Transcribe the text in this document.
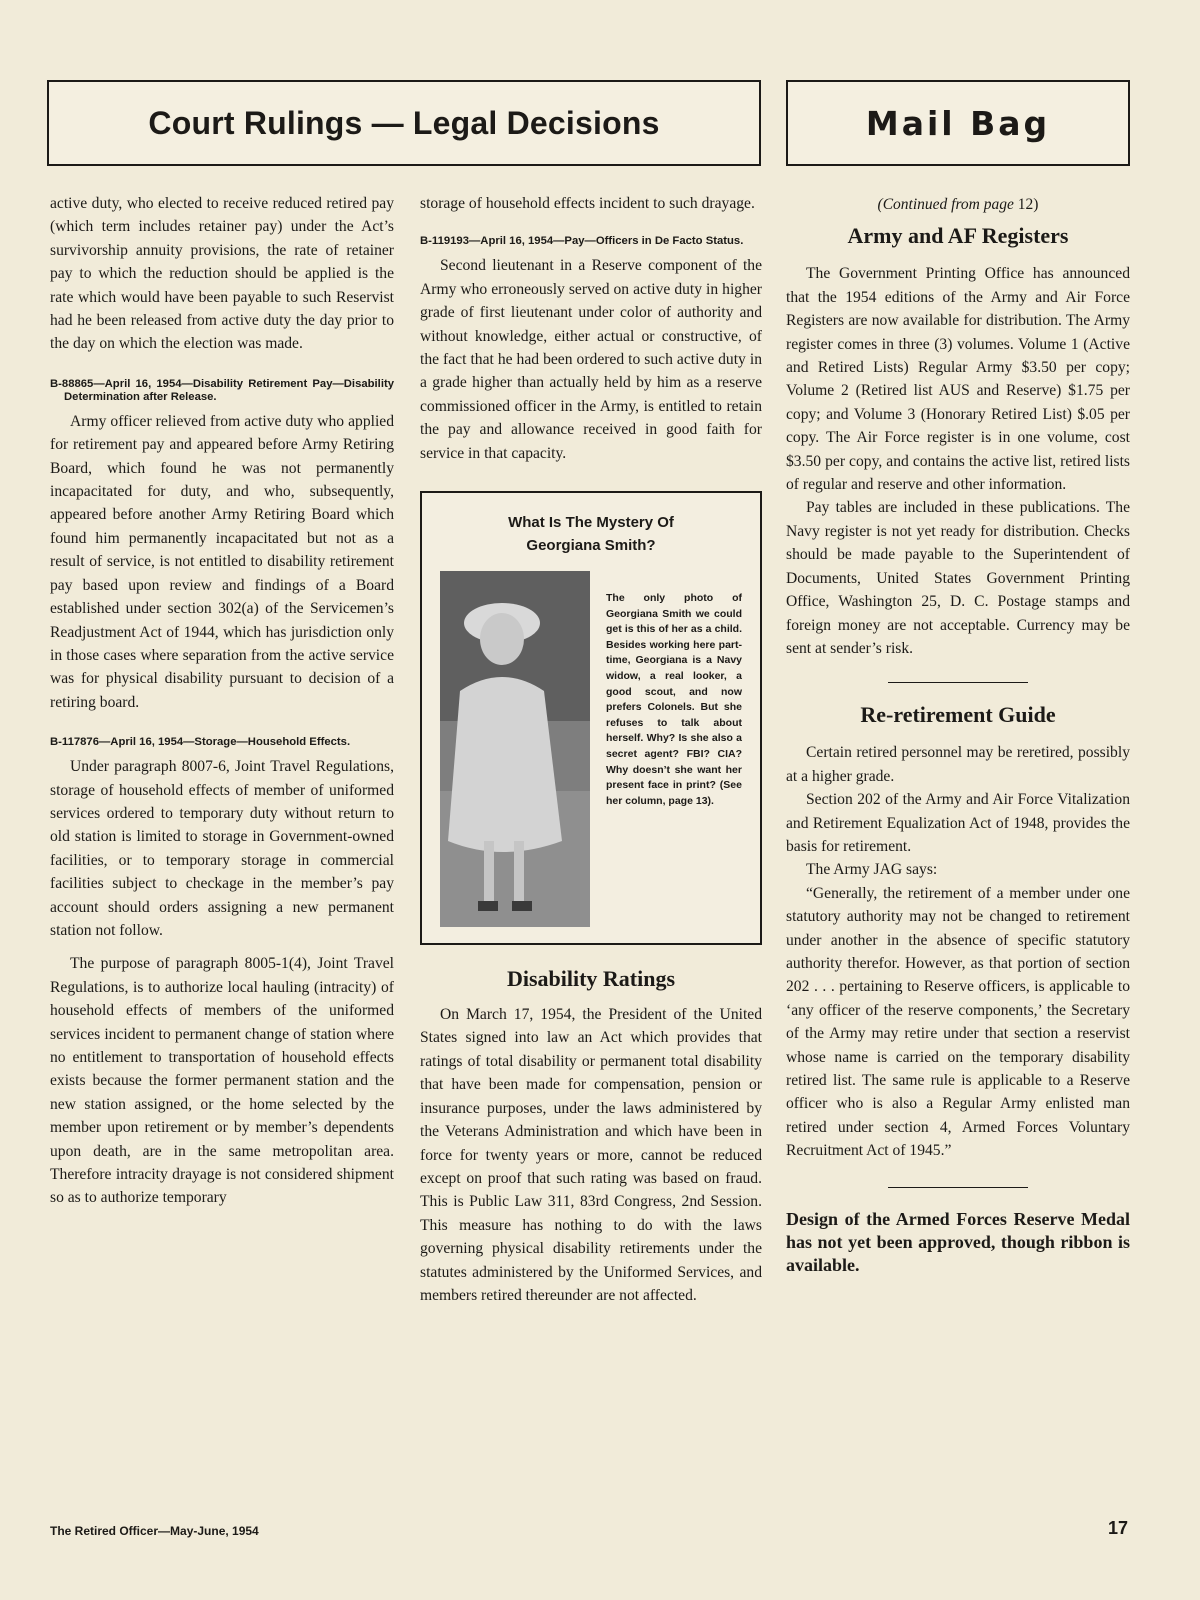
Court Rulings — Legal Decisions	Mail Bag

active duty, who elected to receive reduced retired pay (which term includes retainer pay) under the Act’s survivorship annuity provisions, the rate of retainer pay to which the reduction should be applied is the rate which would have been payable to such Reservist had he been released from active duty the day prior to the day on which the election was made.

B-88865—April 16, 1954—Disability Retirement Pay—Disability Determination after Release.

Army officer relieved from active duty who applied for retirement pay and appeared before Army Retiring Board, which found he was not permanently incapacitated for duty, and who, subsequently, appeared before another Army Retiring Board which found him permanently incapacitated but not as a result of service, is not entitled to disability retirement pay based upon review and findings of a Board established under section 302(a) of the Servicemen’s Readjustment Act of 1944, which has jurisdiction only in those cases where separation from the active service was for physical disability pursuant to decision of a retiring board.

B-117876—April 16, 1954—Storage—Household Effects.

Under paragraph 8007-6, Joint Travel Regulations, storage of household effects of member of uniformed services ordered to temporary duty without return to old station is limited to storage in Government-owned facilities, or to temporary storage in commercial facilities subject to checkage in the member’s pay account should orders assigning a new permanent station not follow.

The purpose of paragraph 8005-1(4), Joint Travel Regulations, is to authorize local hauling (intracity) of household effects of members of the uniformed services incident to permanent change of station where no entitlement to transportation of household effects exists because the former permanent station and the new station assigned, or the home selected by the member upon retirement or by member’s dependents upon death, are in the same metropolitan area. Therefore intracity drayage is not considered shipment so as to authorize temporary

storage of household effects incident to such drayage.

B-119193—April 16, 1954—Pay—Officers in De Facto Status.

Second lieutenant in a Reserve component of the Army who erroneously served on active duty in higher grade of first lieutenant under color of authority and without knowledge, either actual or constructive, of the fact that he had been ordered to such active duty in a grade higher than actually held by him as a reserve commissioned officer in the Army, is entitled to retain the pay and allowance received in good faith for service in that capacity.

What Is The Mystery Of
Georgiana Smith?
The only photo of Georgiana Smith we could get is this of her as a child. Besides working here part-time, Georgiana is a Navy widow, a real looker, a good scout, and now prefers Colonels. But she refuses to talk about herself. Why? Is she also a secret agent? FBI? CIA? Why doesn’t she want her present face in print? (See her column, page 13).
Disability Ratings

On March 17, 1954, the President of the United States signed into law an Act which provides that ratings of total disability or permanent total disability that have been made for compensation, pension or insurance purposes, under the laws administered by the Veterans Administration and which have been in force for twenty years or more, cannot be reduced except on proof that such rating was based on fraud. This is Public Law 311, 83rd Congress, 2nd Session. This measure has nothing to do with the laws governing physical disability retirements under the statutes administered by the Uniformed Services, and members retired thereunder are not affected.

(Continued from page 12)
Army and AF Registers

The Government Printing Office has announced that the 1954 editions of the Army and Air Force Registers are now available for distribution. The Army register comes in three (3) volumes. Volume 1 (Active and Retired Lists) Regular Army $3.50 per copy; Volume 2 (Retired list AUS and Reserve) $1.75 per copy; and Volume 3 (Honorary Retired List) $.05 per copy. The Air Force register is in one volume, cost $3.50 per copy, and contains the active list, retired lists of regular and reserve and other information.

Pay tables are included in these publications. The Navy register is not yet ready for distribution. Checks should be made payable to the Superintendent of Documents, United States Government Printing Office, Washington 25, D. C. Postage stamps and foreign money are not acceptable. Currency may be sent at sender’s risk.

Re-retirement Guide

Certain retired personnel may be reretired, possibly at a higher grade.

Section 202 of the Army and Air Force Vitalization and Retirement Equalization Act of 1948, provides the basis for retirement.

The Army JAG says:

“Generally, the retirement of a member under one statutory authority may not be changed to retirement under another in the absence of specific statutory authority therefor. However, as that portion of section 202 . . . pertaining to Reserve officers, is applicable to ‘any officer of the reserve components,’ the Secretary of the Army may retire under that section a reservist whose name is carried on the temporary disability retired list. The same rule is applicable to a Reserve officer who is also a Regular Army enlisted man retired under section 4, Armed Forces Voluntary Recruitment Act of 1945.”

Design of the Armed Forces Reserve Medal has not yet been approved, though ribbon is available.

The Retired Officer—May-June, 1954	17
